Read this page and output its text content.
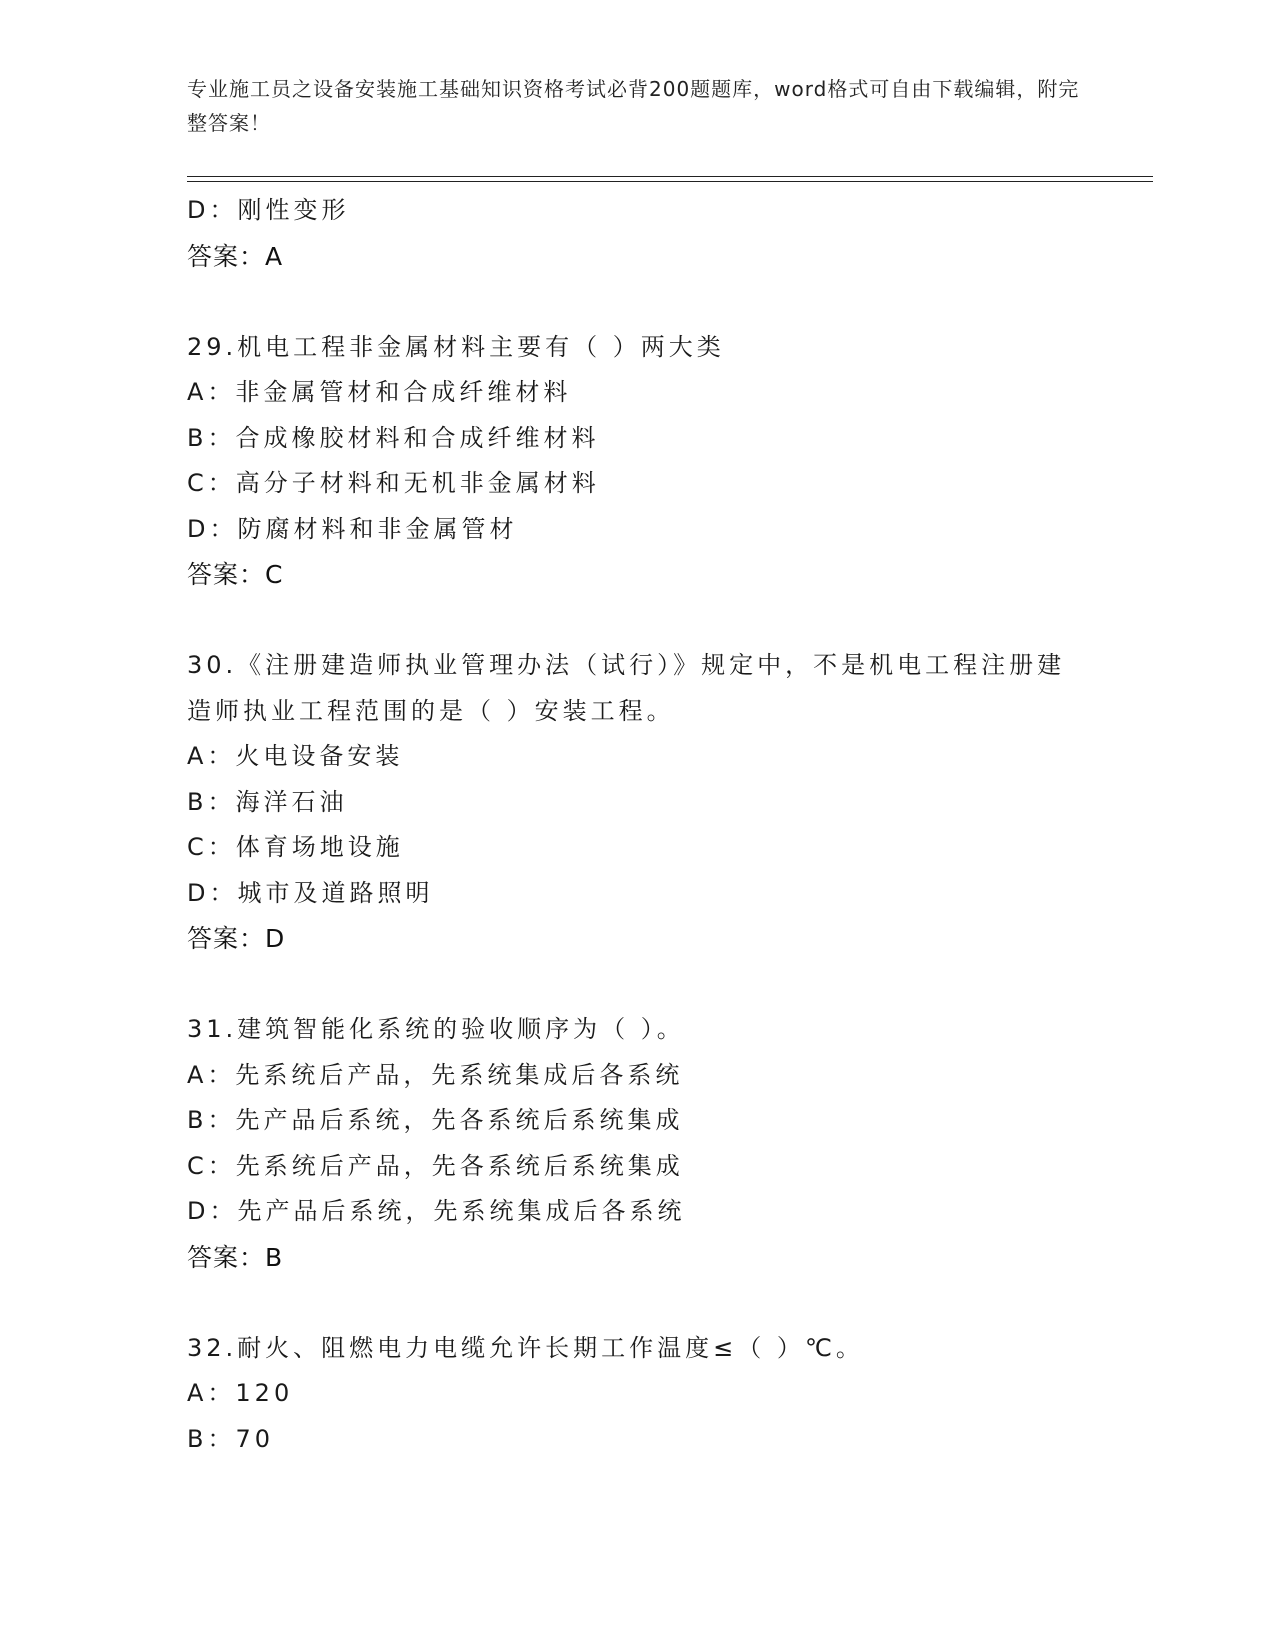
专业施工员之设备安装施工基础知识资格考试必背200题题库，word格式可自由下载编辑，附完整答案！
D：刚性变形
答案：A
29.机电工程非金属材料主要有（ ）两大类
A：非金属管材和合成纤维材料
B：合成橡胶材料和合成纤维材料
C：高分子材料和无机非金属材料
D：防腐材料和非金属管材
答案：C
30.《注册建造师执业管理办法（试行）》规定中，不是机电工程注册建造师执业工程范围的是（ ）安装工程。
A：火电设备安装
B：海洋石油
C：体育场地设施
D：城市及道路照明
答案：D
31.建筑智能化系统的验收顺序为（ ）。
A：先系统后产品，先系统集成后各系统
B：先产品后系统，先各系统后系统集成
C：先系统后产品，先各系统后系统集成
D：先产品后系统，先系统集成后各系统
答案：B
32.耐火、阻燃电力电缆允许长期工作温度≤（ ）℃。
A：120
B：70
